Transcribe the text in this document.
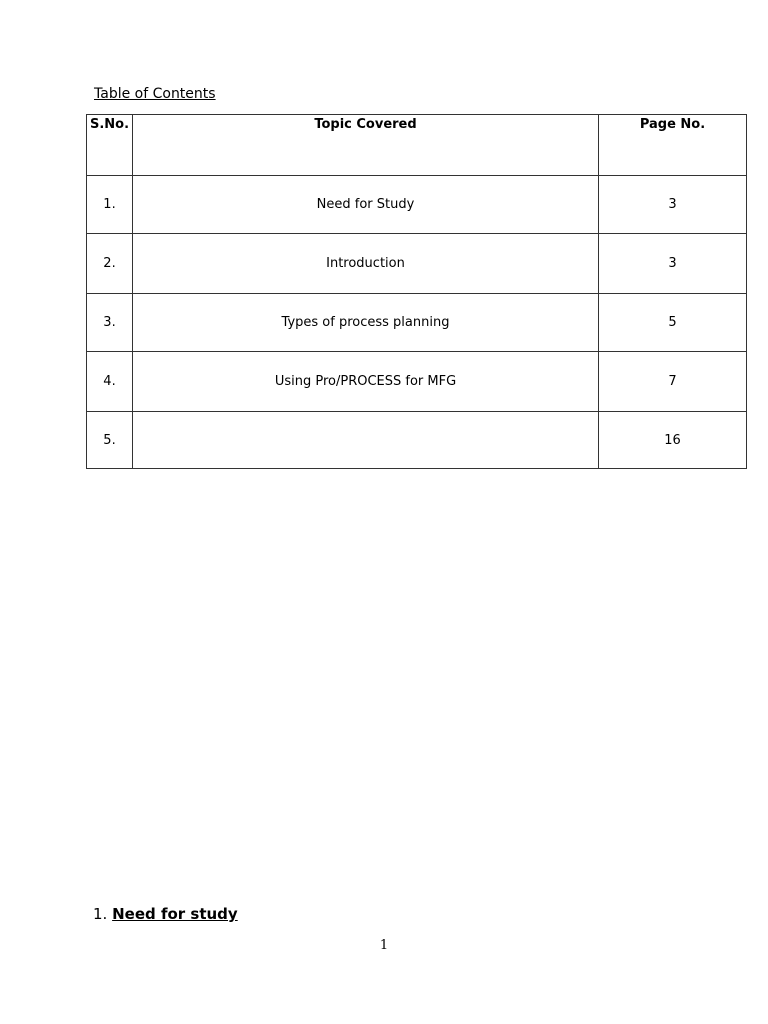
Table of Contents
S.No.	Topic Covered	Page No.
1.	Need for Study	3
2.	Introduction	3
3.	Types of process planning	5
4.	Using Pro/PROCESS for MFG	7
5.		16
1. Need for study
1
